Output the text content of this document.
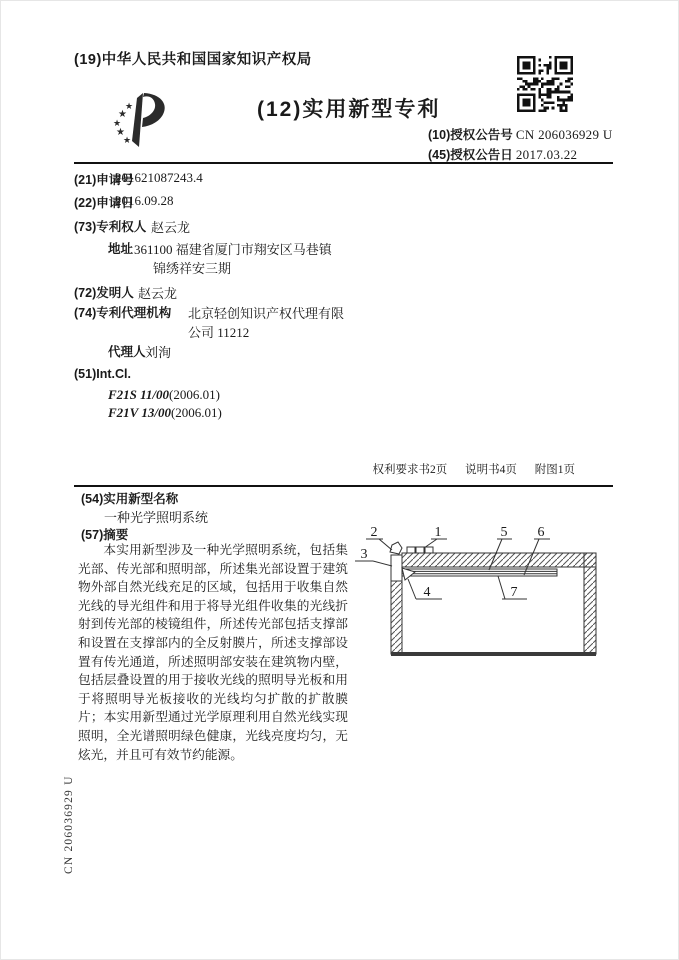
(19)中华人民共和国国家知识产权局
★
★
★
★
★
(12)实用新型专利
(10)授权公告号 CN 206036929 U
(45)授权公告日 2017.03.22
(21)申请号
201621087243.4
(22)申请日
2016.09.28
(73)专利权人 赵云龙
地址 361100 福建省厦门市翔安区马巷镇
锦绣祥安三期
(72)发明人 赵云龙
(74)专利代理机构 北京轻创知识产权代理有限
公司 11212
代理人 刘洵
(51)Int.Cl.
F21S 11/00(2006.01)
F21V 13/00(2006.01)
权利要求书2页 说明书4页 附图1页
(54)实用新型名称
一种光学照明系统
(57)摘要
本实用新型涉及一种光学照明系统，包括集光部、传光部和照明部，所述集光部设置于建筑物外部自然光线充足的区域，包括用于收集自然光线的导光组件和用于将导光组件收集的光线折射到传光部的棱镜组件，所述传光部包括支撑部和设置在支撑部内的全反射膜片，所述支撑部设置有传光通道，所述照明部安装在建筑物内壁，包括层叠设置的用于接收光线的照明导光板和用于将照明导光板接收的光线均匀扩散的扩散膜片；本实用新型通过光学原理利用自然光线实现照明，全光谱照明绿色健康，光线亮度均匀，无炫光，并且可有效节约能源。
2	1	5 6
3
4	7
CN 206036929 U
